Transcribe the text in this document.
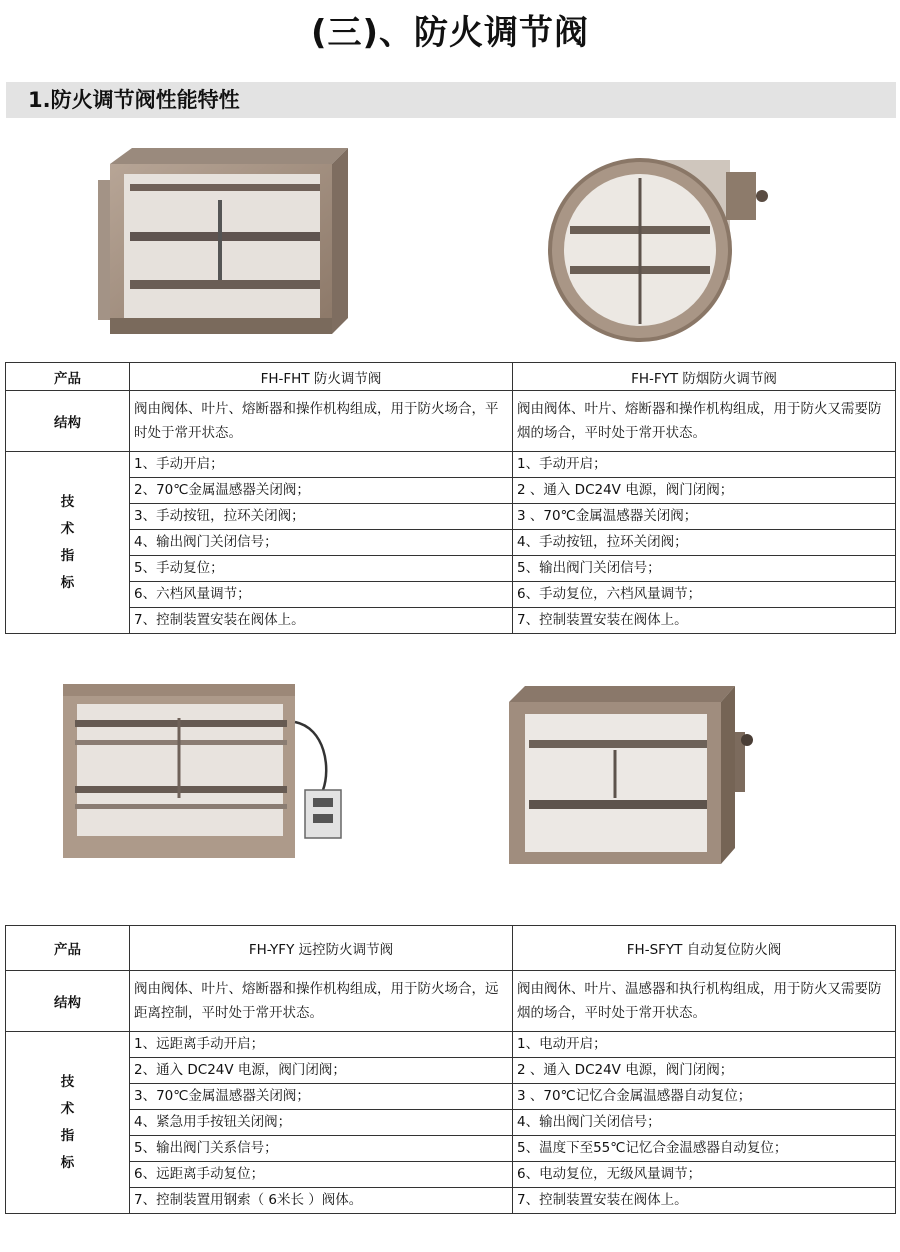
(三)、防火调节阀
1.防火调节阀性能特性
产品	FH-FHT 防火调节阀	FH-FYT 防烟防火调节阀
结构	阀由阀体、叶片、熔断器和操作机构组成，用于防火场合，平时处于常开状态。	阀由阀体、叶片、熔断器和操作机构组成，用于防火又需要防烟的场合，平时处于常开状态。

技
术
指
标	1、手动开启；	1、手动开启；
	2、70℃金属温感器关闭阀；	2 、通入 DC24V 电源，阀门闭阀；
	3、手动按钮，拉环关闭阀；	3 、70℃金属温感器关闭阀；
	4、输出阀门关闭信号；	4、手动按钮，拉环关闭阀；
	5、手动复位；	5、输出阀门关闭信号；
	6、六档风量调节；	6、手动复位，六档风量调节；
	7、控制装置安装在阀体上。	7、控制装置安装在阀体上。
产品	FH-YFY 远控防火调节阀	FH-SFYT 自动复位防火阀
结构	阀由阀体、叶片、熔断器和操作机构组成，用于防火场合，远距离控制，平时处于常开状态。	阀由阀休、叶片、温感器和执行机构组成，用于防火又需要防烟的场合，平时处于常开状态。

技
术
指
标	1、远距离手动开启；	1、电动开启；
	2、通入 DC24V 电源，阀门闭阀；	2 、通入 DC24V 电源，阀门闭阀；
	3、70℃金属温感器关闭阀；	3 、70℃记忆合金属温感器自动复位；
	4、紧急用手按钮关闭阀；	4、输出阀门关闭信号；
	5、输出阀门关系信号；	5、温度下至55℃记忆合金温感器自动复位；
	6、远距离手动复位；	6、电动复位，无级风量调节；
	7、控制装置用钢索（ 6米长 ）阀体。	7、控制装置安装在阀体上。
